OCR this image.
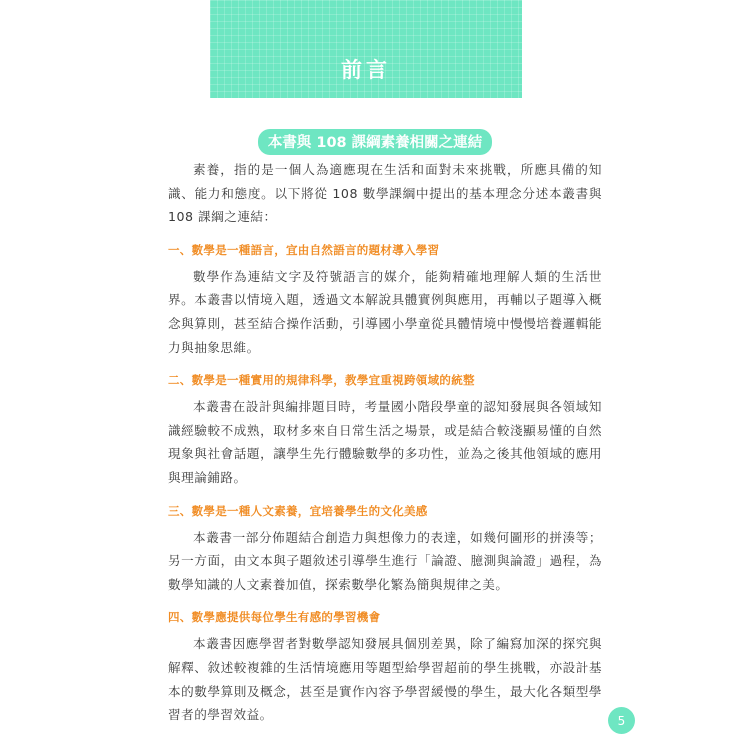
前言
本書與 108 課綱素養相關之連結

素養，指的是一個人為適應現在生活和面對未來挑戰，所應具備的知識、能力和態度。以下將從 108 數學課綱中提出的基本理念分述本叢書與 108 課綱之連結：

一、數學是一種語言，宜由自然語言的題材導入學習

數學作為連結文字及符號語言的媒介，能夠精確地理解人類的生活世界。本叢書以情境入題，透過文本解說具體實例與應用，再輔以子題導入概念與算則，甚至結合操作活動，引導國小學童從具體情境中慢慢培養邏輯能力與抽象思維。

二、數學是一種實用的規律科學，教學宜重視跨領域的統整

本叢書在設計與編排題目時，考量國小階段學童的認知發展與各領域知識經驗較不成熟，取材多來自日常生活之場景，或是結合較淺顯易懂的自然現象與社會話題，讓學生先行體驗數學的多功性，並為之後其他領域的應用與理論鋪路。

三、數學是一種人文素養，宜培養學生的文化美感

本叢書一部分佈題結合創造力與想像力的表達，如幾何圖形的拼湊等；另一方面，由文本與子題敘述引導學生進行「論證、臆測與論證」過程，為數學知識的人文素養加值，探索數學化繁為簡與規律之美。

四、數學應提供每位學生有感的學習機會

本叢書因應學習者對數學認知發展具個別差異，除了編寫加深的探究與解釋、敘述較複雜的生活情境應用等題型給學習超前的學生挑戰，亦設計基本的數學算則及概念，甚至是實作內容予學習緩慢的學生，最大化各類型學習者的學習效益。	5
